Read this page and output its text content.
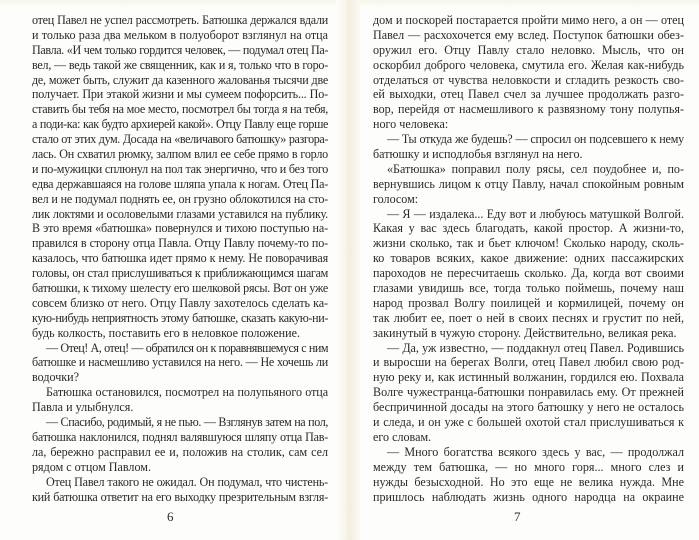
отец Павел не успел рассмотреть. Батюшка держался вдали
и только раза два мельком в полуоборот взглянул на отца
Павла. «И чем только гордится человек, — подумал отец Па-
вел, — ведь такой же священник, как и я, только что в горо-
де, может быть, служит да казенного жалованья тысячи две
получает. При этакой жизни и мы сумеем пофорсить... По-
ставить бы тебя на мое место, посмотрел бы тогда я на тебя,
а поди-ка: как будто архиерей какой». Отцу Павлу еще горше
стало от этих дум. Досада на «величавого батюшку» разгора-
лась. Он схватил рюмку, залпом влил ее себе прямо в горло
и по-мужицки сплюнул на пол так энергично, что и без того
едва державшаяся на голове шляпа упала к ногам. Отец Па-
вел и не подумал поднять ее, он грузно облокотился на сто-
лик локтями и осоловелыми глазами уставился на публику.
В это время «батюшка» повернулся и тихою поступью на-
правился в сторону отца Павла. Отцу Павлу почему-то по-
казалось, что батюшка идет прямо к нему. Не поворачивая
головы, он стал прислушиваться к приближающимся шагам
батюшки, к тихому шелесту его шелковой рясы. Вот он уже
совсем близко от него. Отцу Павлу захотелось сделать ка-
кую-нибудь неприятность этому батюшке, сказать какую-ни-
будь колкость, поставить его в неловкое положение.
— Отец! А, отец! — обратился он к поравнявшемуся с ним
батюшке и насмешливо уставился на него. — Не хочешь ли
водочки?
Батюшка остановился, посмотрел на полупьяного отца
Павла и улыбнулся.
— Спасибо, родимый, я не пью. — Взглянув затем на пол,
батюшка наклонился, поднял валявшуюся шляпу отца Пав-
ла, бережно расправил ее и, положив на столик, сам сел
рядом с отцом Павлом.
Отец Павел такого не ожидал. Он подумал, что чистень-
кий батюшка ответит на его выходку презрительным взгля-
дом и поскорей постарается пройти мимо него, а он — отец
Павел — расхохочется ему вслед. Поступок батюшки обез-
оружил его. Отцу Павлу стало неловко. Мысль, что он
оскорбил доброго человека, смутила его. Желая как-нибудь
отделаться от чувства неловкости и сгладить резкость сво-
ей выходки, отец Павел счел за лучшее продолжать разго-
вор, перейдя от насмешливого к развязному тону полупья-
ного человека:
— Ты откуда же будешь? — спросил он подсевшего к нему
батюшку и исподлобья взглянул на него.
«Батюшка» поправил полу рясы, сел поудобнее и, по-
вернувшись лицом к отцу Павлу, начал спокойным ровным
голосом:
— Я — издалека... Еду вот и любуюсь матушкой Волгой.
Какая у вас здесь благодать, какой простор. А жизни-то,
жизни сколько, так и бьет ключом! Сколько народу, сколь-
ко товаров всяких, какое движение: одних пассажирских
пароходов не пересчитаешь сколько. Да, когда вот своими
глазами увидишь все, тогда только поймешь, почему наш
народ прозвал Волгу поилицей и кормилицей, почему он
так любит ее, поет о ней в своих песнях и грустит по ней,
закинутый в чужую сторону. Действительно, великая река.
— Да, уж известно, — поддакнул отец Павел. Родившись
и выросши на берегах Волги, отец Павел любил свою род-
ную реку и, как истинный волжанин, гордился ею. Похвала
Волге чужестранца-батюшки понравилась ему. От прежней
беспричинной досады на этого батюшку у него не осталось
и следа, и он уже с большей охотой стал прислушиваться к
его словам.
— Много богатства всякого здесь у вас, — продолжал
между тем батюшка, — но много горя... много слез и
нужды безысходной. Но это еще не велика нужда. Мне
пришлось наблюдать жизнь одного народца на окраине
6	7
